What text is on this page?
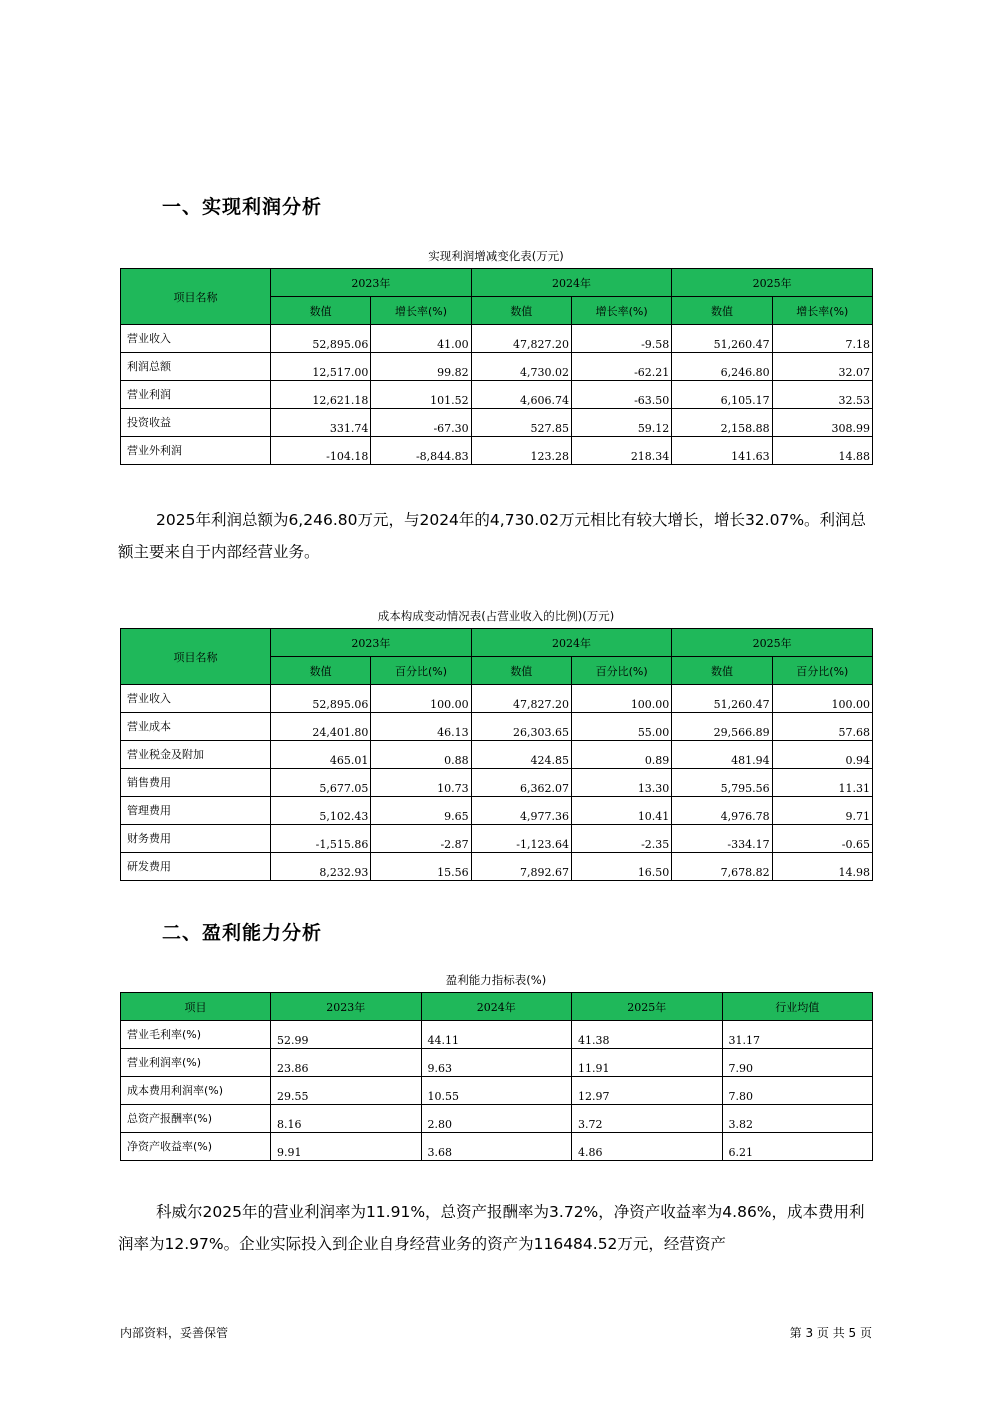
一、实现利润分析
实现利润增减变化表(万元)
项目名称	2023年		2024年		2025年	
	数值	增长率(%)	数值	增长率(%)	数值	增长率(%)
营业收入	52,895.06	41.00	47,827.20	-9.58	51,260.47	7.18
利润总额	12,517.00	99.82	4,730.02	-62.21	6,246.80	32.07
营业利润	12,621.18	101.52	4,606.74	-63.50	6,105.17	32.53
投资收益	331.74	-67.30	527.85	59.12	2,158.88	308.99
营业外利润	-104.18	-8,844.83	123.28	218.34	141.63	14.88

2025年利润总额为6,246.80万元，与2024年的4,730.02万元相比有较大增长，增长32.07%。利润总额主要来自于内部经营业务。

成本构成变动情况表(占营业收入的比例)(万元)
项目名称	2023年		2024年		2025年	
	数值	百分比(%)	数值	百分比(%)	数值	百分比(%)
营业收入	52,895.06	100.00	47,827.20	100.00	51,260.47	100.00
营业成本	24,401.80	46.13	26,303.65	55.00	29,566.89	57.68
营业税金及附加	465.01	0.88	424.85	0.89	481.94	0.94
销售费用	5,677.05	10.73	6,362.07	13.30	5,795.56	11.31
管理费用	5,102.43	9.65	4,977.36	10.41	4,976.78	9.71
财务费用	-1,515.86	-2.87	-1,123.64	-2.35	-334.17	-0.65
研发费用	8,232.93	15.56	7,892.67	16.50	7,678.82	14.98
二、盈利能力分析
盈利能力指标表(%)
项目	2023年	2024年	2025年	行业均值
营业毛利率(%)	52.99	44.11	41.38	31.17
营业利润率(%)	23.86	9.63	11.91	7.90
成本费用利润率(%)	29.55	10.55	12.97	7.80
总资产报酬率(%)	8.16	2.80	3.72	3.82
净资产收益率(%)	9.91	3.68	4.86	6.21

科威尔2025年的营业利润率为11.91%，总资产报酬率为3.72%，净资产收益率为4.86%，成本费用利润率为12.97%。企业实际投入到企业自身经营业务的资产为116484.52万元，经营资产

内部资料，妥善保管	第 3 页 共 5 页
